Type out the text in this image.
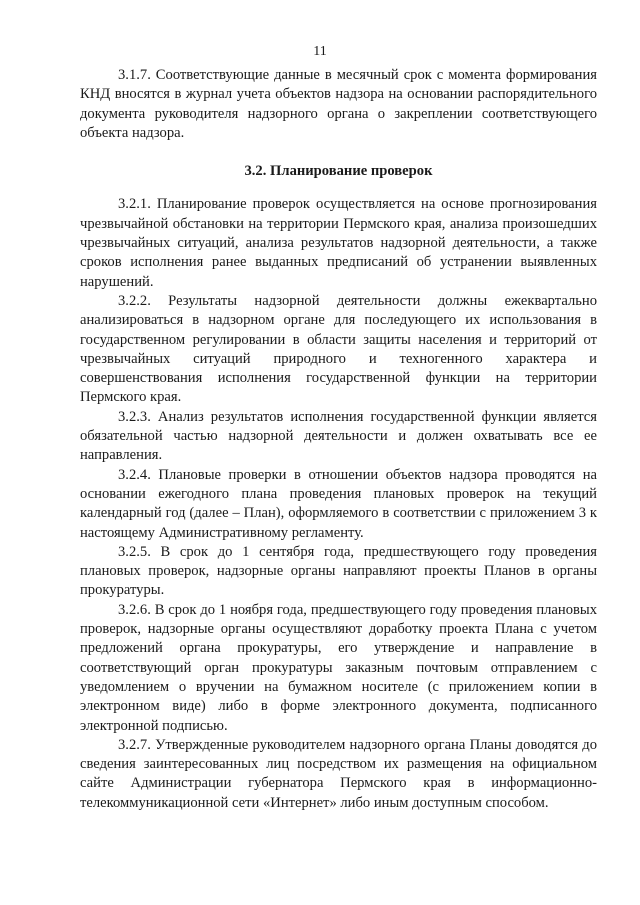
11

3.1.7. Соответствующие данные в месячный срок с момента формирования КНД вносятся в журнал учета объектов надзора на основании распорядительного документа руководителя надзорного органа о закреплении соответствующего объекта надзора.

3.2. Планирование проверок

3.2.1. Планирование проверок осуществляется на основе прогнозирования чрезвычайной обстановки на территории Пермского края, анализа произошедших чрезвычайных ситуаций, анализа результатов надзорной деятельности, а также сроков исполнения ранее выданных предписаний об устранении выявленных нарушений.

3.2.2. Результаты надзорной деятельности должны ежеквартально анализироваться в надзорном органе для последующего их использования в государственном регулировании в области защиты населения и территорий от чрезвычайных ситуаций природного и техногенного характера и совершенствования исполнения государственной функции на территории Пермского края.

3.2.3. Анализ результатов исполнения государственной функции является обязательной частью надзорной деятельности и должен охватывать все ее направления.

3.2.4. Плановые проверки в отношении объектов надзора проводятся на основании ежегодного плана проведения плановых проверок на текущий календарный год (далее – План), оформляемого в соответствии с приложением 3 к настоящему Административному регламенту.

3.2.5. В срок до 1 сентября года, предшествующего году проведения плановых проверок, надзорные органы направляют проекты Планов в органы прокуратуры.

3.2.6. В срок до 1 ноября года, предшествующего году проведения плановых проверок, надзорные органы осуществляют доработку проекта Плана с учетом предложений органа прокуратуры, его утверждение и направление в соответствующий орган прокуратуры заказным почтовым отправлением с уведомлением о вручении на бумажном носителе (с приложением копии в электронном виде) либо в форме электронного документа, подписанного электронной подписью.

3.2.7. Утвержденные руководителем надзорного органа Планы доводятся до сведения заинтересованных лиц посредством их размещения на официальном сайте Администрации губернатора Пермского края в информационно-телекоммуникационной сети «Интернет» либо иным доступным способом.
